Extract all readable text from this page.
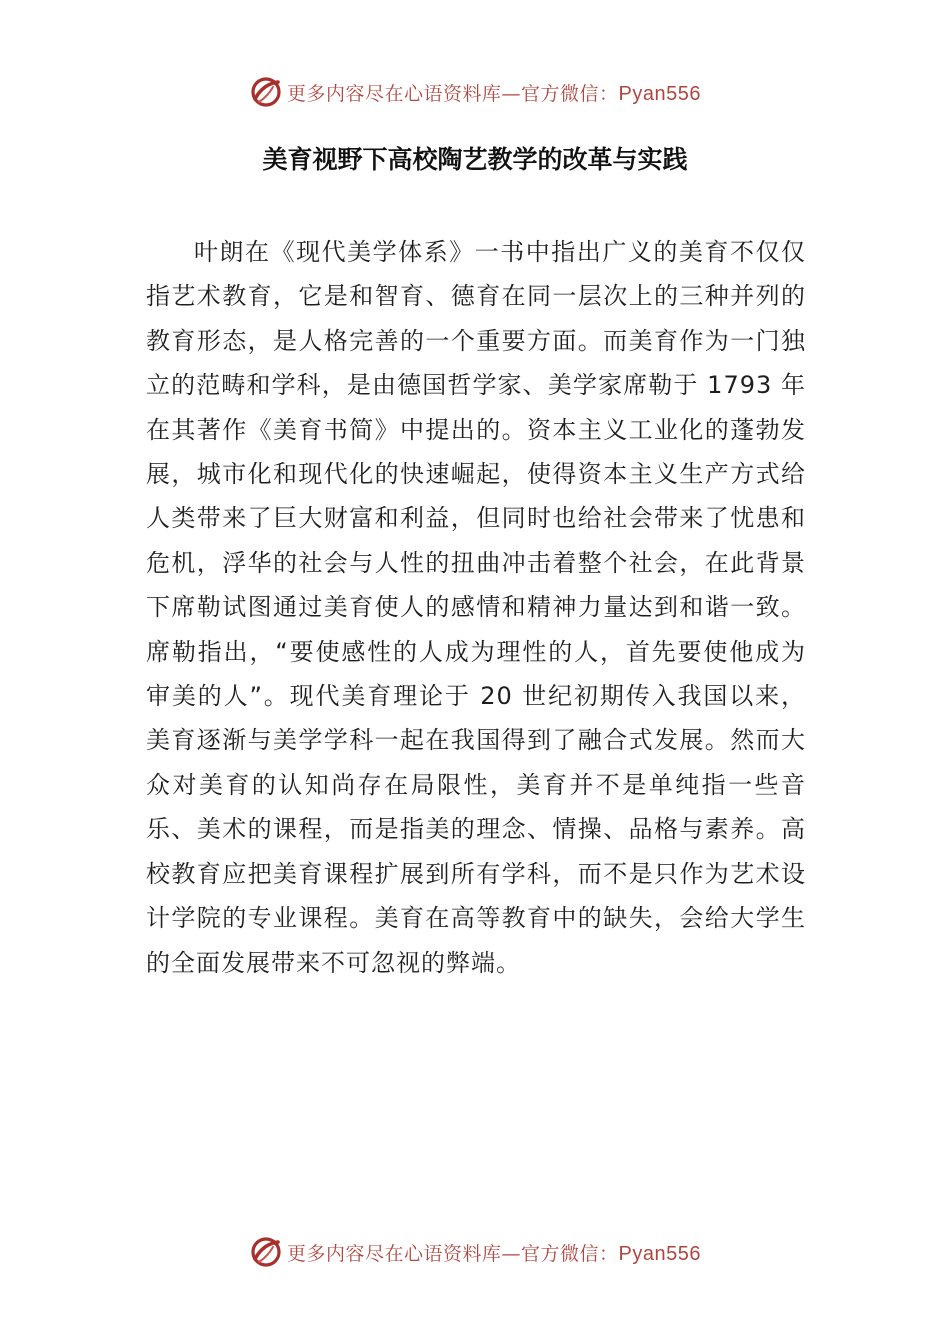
更多内容尽在心语资料库—官方微信：Pyan556
美育视野下高校陶艺教学的改革与实践

叶朗在《现代美学体系》一书中指出广义的美育不仅仅指艺术教育，它是和智育、德育在同一层次上的三种并列的教育形态，是人格完善的一个重要方面。而美育作为一门独立的范畴和学科，是由德国哲学家、美学家席勒于 1793 年在其著作《美育书简》中提出的。资本主义工业化的蓬勃发展，城市化和现代化的快速崛起，使得资本主义生产方式给人类带来了巨大财富和利益，但同时也给社会带来了忧患和危机，浮华的社会与人性的扭曲冲击着整个社会，在此背景下席勒试图通过美育使人的感情和精神力量达到和谐一致。席勒指出，“要使感性的人成为理性的人，首先要使他成为审美的人”。现代美育理论于 20 世纪初期传入我国以来，美育逐渐与美学学科一起在我国得到了融合式发展。然而大众对美育的认知尚存在局限性，美育并不是单纯指一些音乐、美术的课程，而是指美的理念、情操、品格与素养。高校教育应把美育课程扩展到所有学科，而不是只作为艺术设计学院的专业课程。美育在高等教育中的缺失，会给大学生的全面发展带来不可忽视的弊端。

更多内容尽在心语资料库—官方微信：Pyan556
